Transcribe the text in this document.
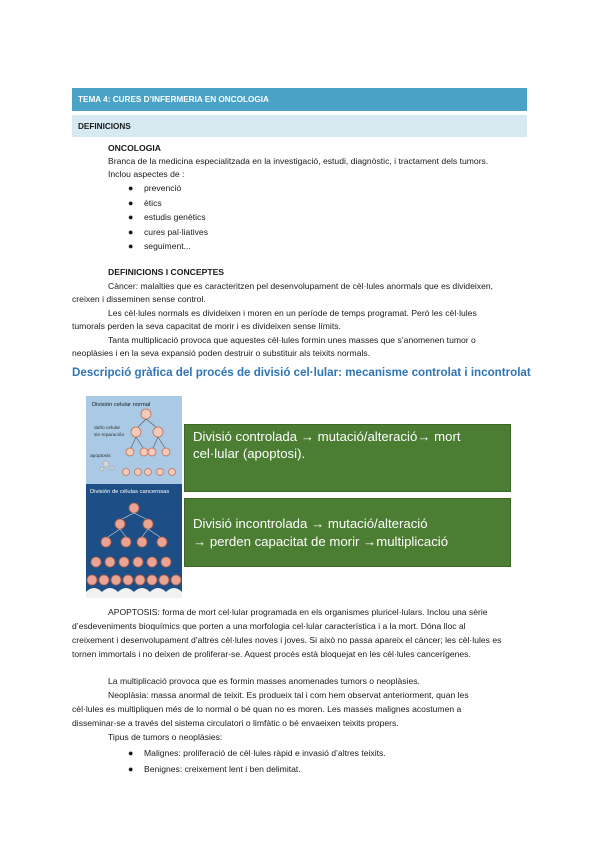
TEMA 4: CURES D’INFERMERIA EN ONCOLOGIA
DEFINICIONS
ONCOLOGIA
Branca de la medicina especialitzada en la investigació, estudi, diagnòstic, i tractament dels tumors.
Inclou aspectes de :
● prevenció
● ètics
● estudis genètics
● cures pal·liatives
● seguiment...
DEFINICIONS I CONCEPTES
Càncer: malalties que es caracteritzen pel desenvolupament de cèl·lules anormals que es divideixen,
creixen i disseminen sense control.
Les cèl·lules normals es divideixen i moren en un període de temps programat. Però les cèl·lules
tumorals perden la seva capacitat de morir i es divideixen sense límits.
Tanta multiplicació provoca que aquestes cèl·lules formin unes masses que s’anomenen tumor o
neoplàsies i en la seva expansió poden destruir o substituir als teixits normals.
Descripció gràfica del procés de divisió cel·lular: mecanisme controlat i incontrolat
División celular normal
daño celular
sin reparación
apoptosis
División de células cancerosas
Divisió controlada → mutació/alteració→ mort
cel·lular (apoptosi).
Divisió incontrolada → mutació/alteració
→ perden capacitat de morir →multiplicació
APOPTOSIS: forma de mort cel·lular programada en els organismes pluricel·lulars. Inclou una sèrie
d’esdeveniments bioquímics que porten a una morfologia cel·lular característica i a la mort. Dóna lloc al
creixement i desenvolupament d’altres cèl·lules noves i joves. Si això no passa apareix el càncer; les cèl·lules es
tornen immortals i no deixen de proliferar-se. Aquest procés està bloquejat en les cèl·lules cancerígenes.
La multiplicació provoca que es formin masses anomenades tumors o neoplàsies.
Neoplàsia: massa anormal de teixit. Es produeix tal i com hem observat anteriorment, quan les
cèl·lules es multipliquen més de lo normal o bé quan no es moren. Les masses malignes acostumen a
disseminar-se a través del sistema circulatori o limfàtic o bé envaeixen teixits propers.
Tipus de tumors o neoplàsies:
● Malignes: proliferació de cèl·lules ràpid e invasió d’altres teixits.
● Benignes: creixement lent i ben delimitat.
